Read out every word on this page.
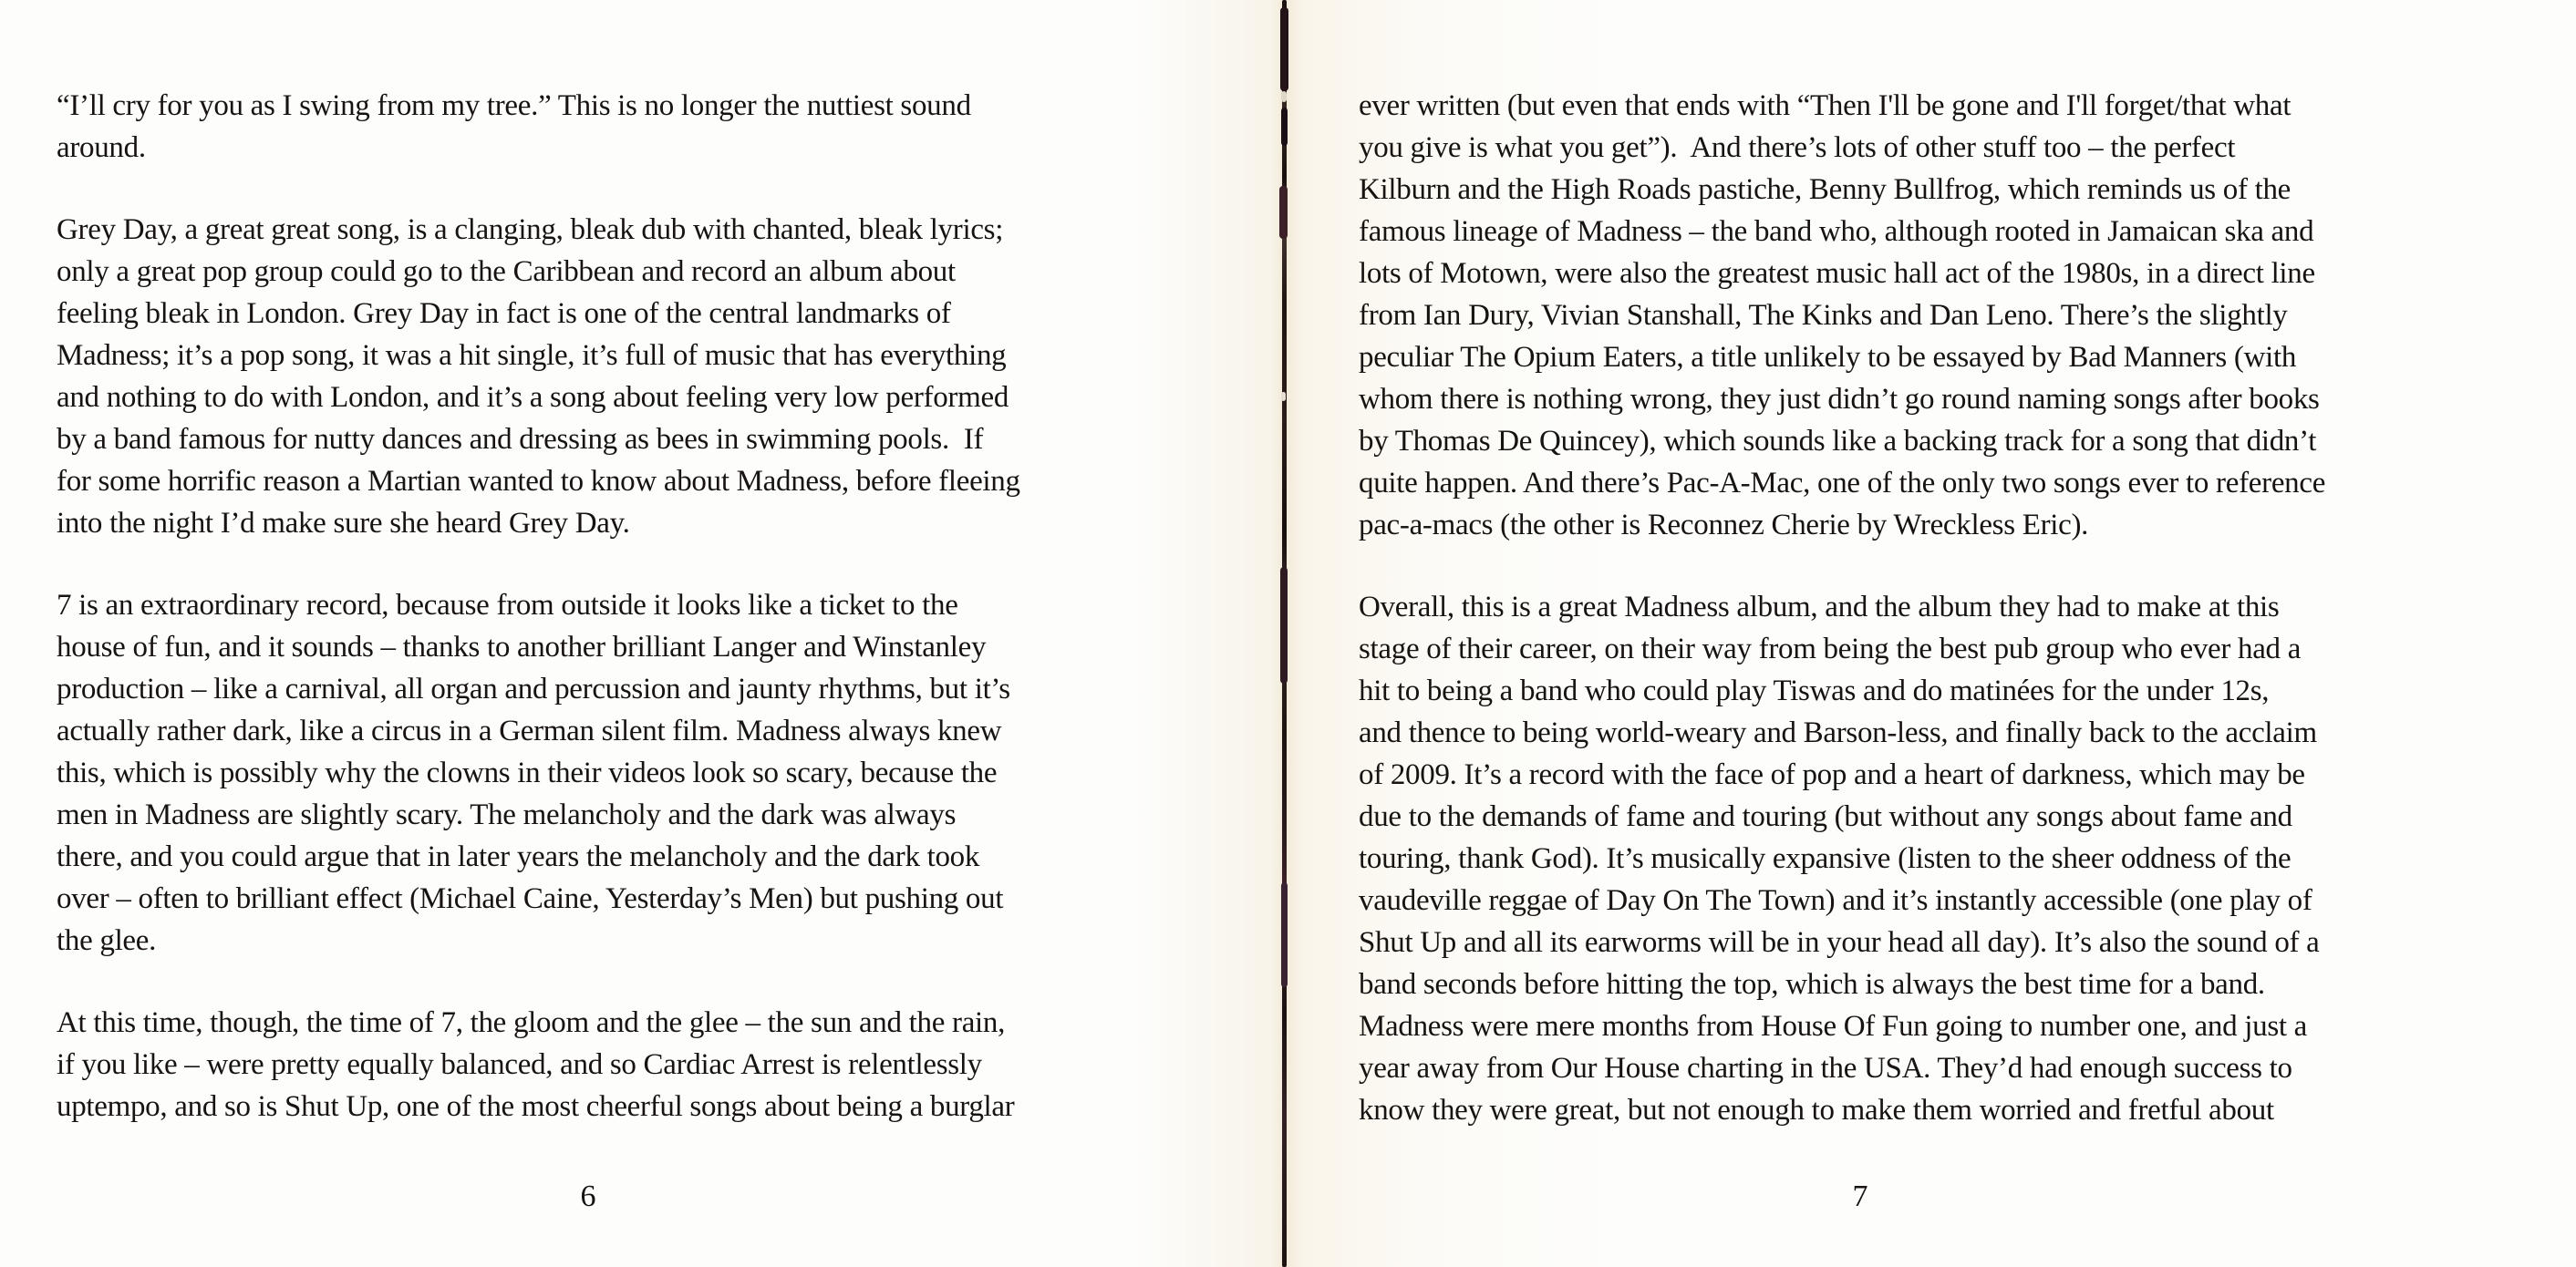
“I’ll cry for you as I swing from my tree.” This is no longer the nuttiest sound
around.
Grey Day, a great great song, is a clanging, bleak dub with chanted, bleak lyrics;
only a great pop group could go to the Caribbean and record an album about
feeling bleak in London. Grey Day in fact is one of the central landmarks of
Madness; it’s a pop song, it was a hit single, it’s full of music that has everything
and nothing to do with London, and it’s a song about feeling very low performed
by a band famous for nutty dances and dressing as bees in swimming pools.  If
for some horrific reason a Martian wanted to know about Madness, before fleeing
into the night I’d make sure she heard Grey Day.
7 is an extraordinary record, because from outside it looks like a ticket to the
house of fun, and it sounds – thanks to another brilliant Langer and Winstanley
production – like a carnival, all organ and percussion and jaunty rhythms, but it’s
actually rather dark, like a circus in a German silent film. Madness always knew
this, which is possibly why the clowns in their videos look so scary, because the
men in Madness are slightly scary. The melancholy and the dark was always
there, and you could argue that in later years the melancholy and the dark took
over – often to brilliant effect (Michael Caine, Yesterday’s Men) but pushing out
the glee.
At this time, though, the time of 7, the gloom and the glee – the sun and the rain,
if you like – were pretty equally balanced, and so Cardiac Arrest is relentlessly
uptempo, and so is Shut Up, one of the most cheerful songs about being a burglar
6
ever written (but even that ends with “Then I'll be gone and I'll forget/that what
you give is what you get”).  And there’s lots of other stuff too – the perfect
Kilburn and the High Roads pastiche, Benny Bullfrog, which reminds us of the
famous lineage of Madness – the band who, although rooted in Jamaican ska and
lots of Motown, were also the greatest music hall act of the 1980s, in a direct line
from Ian Dury, Vivian Stanshall, The Kinks and Dan Leno. There’s the slightly
peculiar The Opium Eaters, a title unlikely to be essayed by Bad Manners (with
whom there is nothing wrong, they just didn’t go round naming songs after books
by Thomas De Quincey), which sounds like a backing track for a song that didn’t
quite happen. And there’s Pac-A-Mac, one of the only two songs ever to reference
pac-a-macs (the other is Reconnez Cherie by Wreckless Eric).
Overall, this is a great Madness album, and the album they had to make at this
stage of their career, on their way from being the best pub group who ever had a
hit to being a band who could play Tiswas and do matinées for the under 12s,
and thence to being world-weary and Barson-less, and finally back to the acclaim
of 2009. It’s a record with the face of pop and a heart of darkness, which may be
due to the demands of fame and touring (but without any songs about fame and
touring, thank God). It’s musically expansive (listen to the sheer oddness of the
vaudeville reggae of Day On The Town) and it’s instantly accessible (one play of
Shut Up and all its earworms will be in your head all day). It’s also the sound of a
band seconds before hitting the top, which is always the best time for a band.
Madness were mere months from House Of Fun going to number one, and just a
year away from Our House charting in the USA. They’d had enough success to
know they were great, but not enough to make them worried and fretful about
7
